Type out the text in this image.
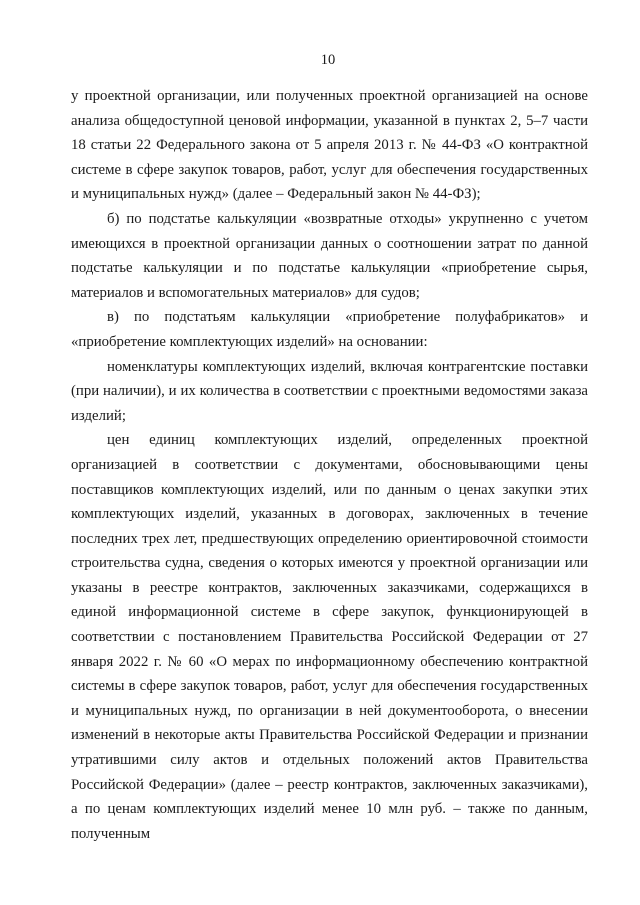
10

у проектной организации, или полученных проектной организацией на основе анализа общедоступной ценовой информации, указанной в пунктах 2, 5–7 части 18 статьи 22 Федерального закона от 5 апреля 2013 г. № 44-ФЗ «О контрактной системе в сфере закупок товаров, работ, услуг для обеспечения государственных и муниципальных нужд» (далее – Федеральный закон № 44-ФЗ);

б) по подстатье калькуляции «возвратные отходы» укрупненно с учетом имеющихся в проектной организации данных о соотношении затрат по данной подстатье калькуляции и по подстатье калькуляции «приобретение сырья, материалов и вспомогательных материалов» для судов;

в) по подстатьям калькуляции «приобретение полуфабрикатов» и «приобретение комплектующих изделий» на основании:

номенклатуры комплектующих изделий, включая контрагентские поставки (при наличии), и их количества в соответствии с проектными ведомостями заказа изделий;

цен единиц комплектующих изделий, определенных проектной организацией в соответствии с документами, обосновывающими цены поставщиков комплектующих изделий, или по данным о ценах закупки этих комплектующих изделий, указанных в договорах, заключенных в течение последних трех лет, предшествующих определению ориентировочной стоимости строительства судна, сведения о которых имеются у проектной организации или указаны в реестре контрактов, заключенных заказчиками, содержащихся в единой информационной системе в сфере закупок, функционирующей в соответствии с постановлением Правительства Российской Федерации от 27 января 2022 г. № 60 «О мерах по информационному обеспечению контрактной системы в сфере закупок товаров, работ, услуг для обеспечения государственных и муниципальных нужд, по организации в ней документооборота, о внесении изменений в некоторые акты Правительства Российской Федерации и признании утратившими силу актов и отдельных положений актов Правительства Российской Федерации» (далее – реестр контрактов, заключенных заказчиками), а по ценам комплектующих изделий менее 10 млн руб. – также по данным, полученным
